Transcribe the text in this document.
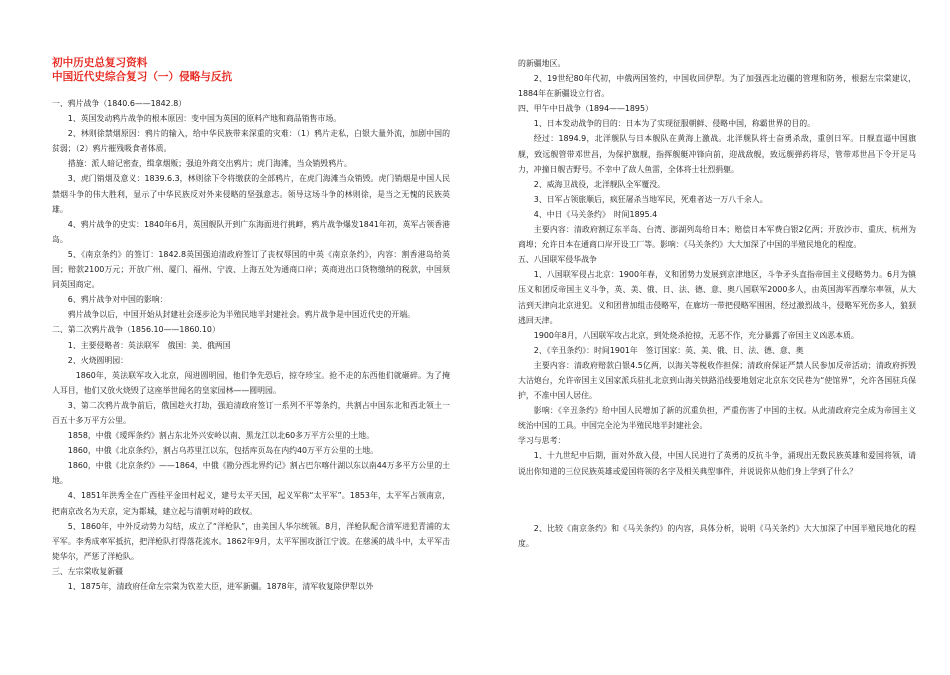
初中历史总复习资料

中国近代史综合复习（一）侵略与反抗

一、鸦片战争（1840.6——1842.8）

1、英国发动鸦片战争的根本原因：变中国为英国的原料产地和商品销售市场。

2、林则徐禁烟原因：鸦片的输入，给中华民族带来深重的灾难：（1）鸦片走私，白银大量外流，加剧中国的贫弱；（2）鸦片摧残吸食者体质。

措施：派人暗记密查，缉拿烟贩；强迫外商交出鸦片；虎门海滩，当众销毁鸦片。

3、虎门销烟及意义：1839.6.3，林则徐下令将缴获的全部鸦片，在虎门海滩当众销毁。虎门销烟是中国人民禁烟斗争的伟大胜利，显示了中华民族反对外来侵略的坚强意志。领导这场斗争的林则徐，是当之无愧的民族英雄。

4、鸦片战争的史实：1840年6月，英国舰队开到广东海面进行挑衅，鸦片战争爆发1841年初，英军占领香港岛。

5、《南京条约》的签订：1842.8英国强迫清政府签订了丧权辱国的中英《南京条约》，内容：割香港岛给英国；赔款2100万元；开放广州、厦门、福州、宁波、上海五处为通商口岸；英商进出口货物缴纳的税款，中国须同英国商定。

6、鸦片战争对中国的影响：

鸦片战争以后，中国开始从封建社会逐步沦为半殖民地半封建社会。鸦片战争是中国近代史的开端。

二、第二次鸦片战争（1856.10——1860.10）

1、主要侵略者：英法联军　俄国：美、俄两国

2、火烧圆明园：

1860年，英法联军攻入北京，闯进圆明园，他们争先恐后，掠夺珍宝。抢不走的东西他们就砸碎。为了掩人耳目，他们又放火烧毁了这座举世闻名的皇家园林——圆明园。

3、第二次鸦片战争前后，俄国趁火打劫，强迫清政府签订一系列不平等条约，共割占中国东北和西北领土一百五十多万平方公里。

1858，中俄《瑷珲条约》割占东北外兴安岭以南、黑龙江以北60多万平方公里的土地。

1860，中俄《北京条约》，割占乌苏里江以东，包括库页岛在内约40万平方公里的土地。

1860，中俄《北京条约》——1864，中俄《勘分西北界约记》割占巴尔喀什湖以东以南44万多平方公里的土地。

4、1851年洪秀全在广西桂平金田村起义，建号太平天国，起义军称“太平军”。1853年，太平军占领南京，把南京改名为天京，定为都城，建立起与清朝对峙的政权。

5、1860年，中外反动势力勾结，成立了“洋枪队”，由美国人华尔统领。8月，洋枪队配合清军进犯青浦的太平军。李秀成率军抵抗，把洋枪队打得落花流水。1862年9月，太平军围攻浙江宁波。在慈溪的战斗中，太平军击毙华尔，严惩了洋枪队。

三、左宗棠收复新疆

1、1875年，清政府任命左宗棠为钦差大臣，进军新疆。1878年，清军收复除伊犁以外

的新疆地区。

2、19世纪80年代初，中俄两国签约，中国收回伊犁。为了加强西北边疆的管理和防务，根据左宗棠建议，1884年在新疆设立行省。

四、甲午中日战争（1894——1895）

1、日本发动战争的目的：日本为了实现征服朝鲜、侵略中国，称霸世界的目的。

经过：1894.9，北洋舰队与日本舰队在黄海上激战。北洋舰队将士奋勇杀敌，重创日军。日舰直逼中国旗舰，致远舰管带邓世昌，为保护旗舰，指挥舰艇冲锋向前，迎战敌舰，致远舰弹药将尽，管带邓世昌下令开足马力，冲撞日舰吉野号。不幸中了敌人鱼雷，全体将士壮烈捐躯。

2、威海卫战役，北洋舰队全军覆没。

3、日军占领旅顺后，疯狂屠杀当地军民，死难者达一万八千余人。

4、中日《马关条约》　时间1895.4

主要内容：清政府割辽东半岛、台湾、澎湖列岛给日本；赔偿日本军费白银2亿两；开放沙市、重庆、杭州为商埠；允许日本在通商口岸开设工厂等。影响：《马关条约》大大加深了中国的半殖民地化的程度。

五、八国联军侵华战争

1、八国联军侵占北京：1900年春，义和团势力发展到京津地区，斗争矛头直指帝国主义侵略势力。6月为镇压义和团反帝国主义斗争，英、美、俄、日、法、德、意、奥八国联军2000多人，由英国海军西摩尔率领，从大沽到天津向北京进犯。义和团普加组击侵略军，在廊坊一带把侵略军围困，经过激烈战斗，侵略军死伤多人，狼狈逃回天津。

1900年8月，八国联军攻占北京，到处烧杀抢掠，无恶不作，充分暴露了帝国主义凶恶本质。

2、《辛丑条约》：时间1901年　签订国家：英、美、俄、日、法、德、意、奥

主要内容：清政府赔款白银4.5亿两，以海关等税收作担保；清政府保证严禁人民参加反帝活动；清政府拆毁大沽炮台，允许帝国主义国家派兵驻扎北京到山海关铁路沿线要地划定北京东交民巷为“使馆界”，允许各国驻兵保护，不准中国人居住。

影响：《辛丑条约》给中国人民增加了新的沉重负担，严重伤害了中国的主权。从此清政府完全成为帝国主义统治中国的工具。中国完全沦为半殖民地半封建社会。

学习与思考：

1、十九世纪中后期，面对外敌入侵，中国人民进行了英勇的反抗斗争，涌现出无数民族英雄和爱国将领，请说出你知道的三位民族英雄或爱国将领的名字及相关典型事件，并说说你从他们身上学到了什么？

2、比较《南京条约》和《马关条约》的内容，具体分析，说明《马关条约》大大加深了中国半殖民地化的程度。
